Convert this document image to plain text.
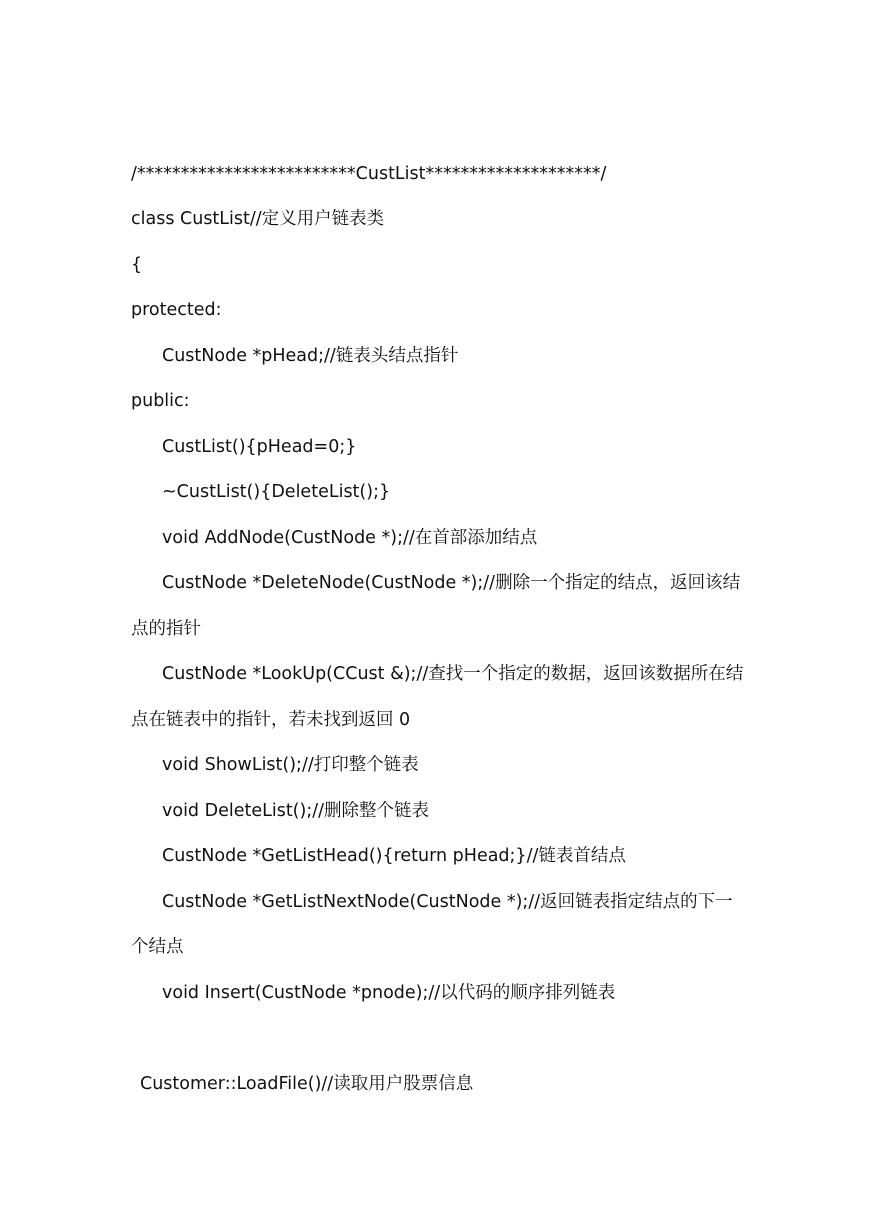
/*************************CustList********************/
class CustList//定义用户链表类
{
protected:
CustNode *pHead;//链表头结点指针
public:
CustList(){pHead=0;}
~CustList(){DeleteList();}
void AddNode(CustNode *);//在首部添加结点
CustNode *DeleteNode(CustNode *);//删除一个指定的结点，返回该结
点的指针
CustNode *LookUp(CCust &);//查找一个指定的数据，返回该数据所在结
点在链表中的指针，若未找到返回 0
void ShowList();//打印整个链表
void DeleteList();//删除整个链表
CustNode *GetListHead(){return pHead;}//链表首结点
CustNode *GetListNextNode(CustNode *);//返回链表指定结点的下一
个结点
void Insert(CustNode *pnode);//以代码的顺序排列链表
Customer::LoadFile()//读取用户股票信息
